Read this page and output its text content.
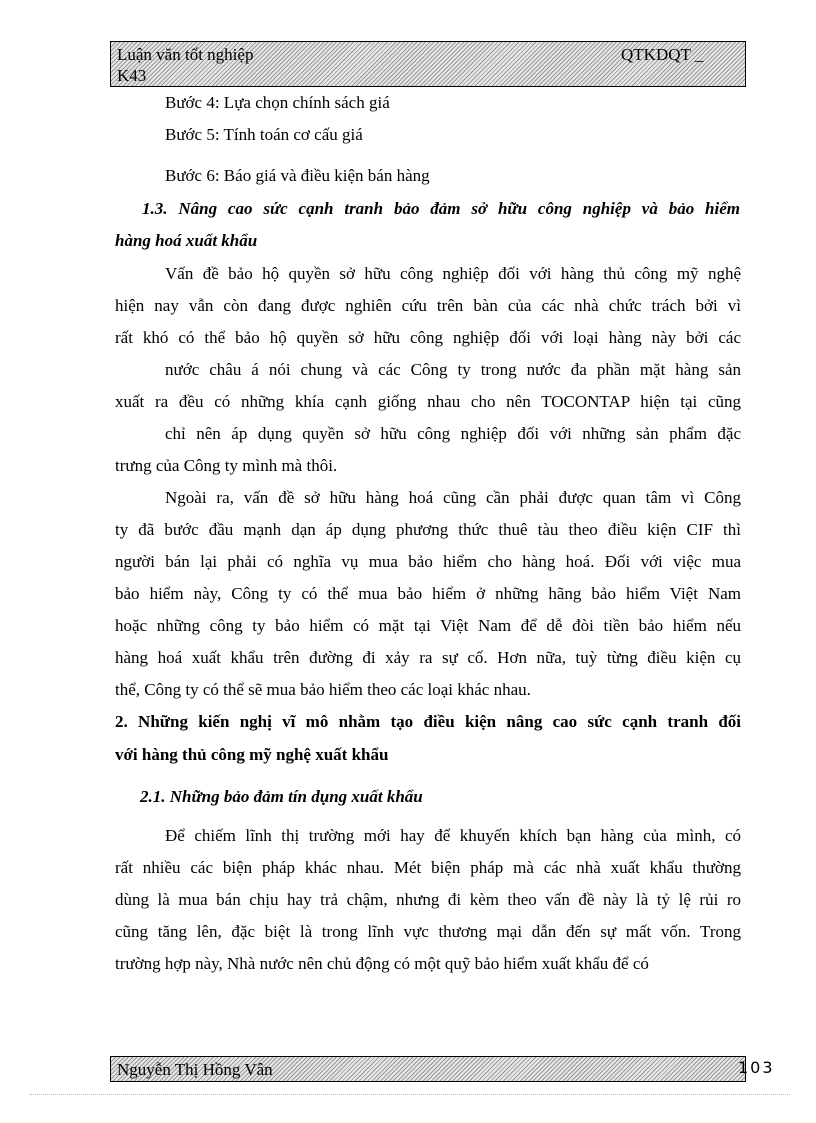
Luận văn tốt nghiệp	QTKDQT _
K43
Bước 4: Lựa chọn chính sách giá
Bước 5: Tính toán cơ cấu giá
Bước 6: Báo giá và điều kiện bán hàng
1.3. Nâng cao sức cạnh tranh bảo đảm sở hữu công nghiệp và bảo hiểm
hàng hoá xuất khẩu
Vấn đề bảo hộ quyền sở hữu công nghiệp đối với hàng thủ công mỹ nghệ
hiện nay vẫn còn đang được nghiên cứu trên bàn của các nhà chức trách bởi vì
rất khó có thể bảo hộ quyền sở hữu công nghiệp đối với loại hàng này bởi các
nước châu á nói chung và các Công ty trong nước đa phần mặt hàng sản
xuất ra đều có những khía cạnh giống nhau cho nên TOCONTAP hiện tại cũng
chỉ nên áp dụng quyền sở hữu công nghiệp đối với những sản phẩm đặc
trưng của Công ty mình mà thôi.
Ngoài ra, vấn đề sở hữu hàng hoá cũng cần phải được quan tâm vì Công
ty đã bước đầu mạnh dạn áp dụng phương thức thuê tàu theo điều kiện CIF thì
người bán lại phải có nghĩa vụ mua bảo hiểm cho hàng hoá. Đối với việc mua
bảo hiểm này, Công ty có thể mua bảo hiểm ở những hãng bảo hiểm Việt Nam
hoặc những công ty bảo hiểm có mặt tại Việt Nam để dễ đòi tiền bảo hiểm nếu
hàng hoá xuất khẩu trên đường đi xảy ra sự cố. Hơn nữa, tuỳ từng điều kiện cụ
thể, Công ty có thể sẽ mua bảo hiểm theo các loại khác nhau.
2. Những kiến nghị vĩ mô nhằm tạo điều kiện nâng cao sức cạnh tranh đối
với hàng thủ công mỹ nghệ xuất khẩu
2.1. Những bảo đảm tín dụng xuất khẩu
Để chiếm lĩnh thị trường mới hay để khuyến khích bạn hàng của mình, có
rất nhiều các biện pháp khác nhau. Mét biện pháp mà các nhà xuất khẩu thường
dùng là mua bán chịu hay trả chậm, nhưng đi kèm theo vấn đề này là tỷ lệ rủi ro
cũng tăng lên, đặc biệt là trong lĩnh vực thương mại dẫn đến sự mất vốn. Trong
trường hợp này, Nhà nước nên chủ động có một quỹ bảo hiểm xuất khẩu để có
Nguyễn Thị Hồng Vân	103
